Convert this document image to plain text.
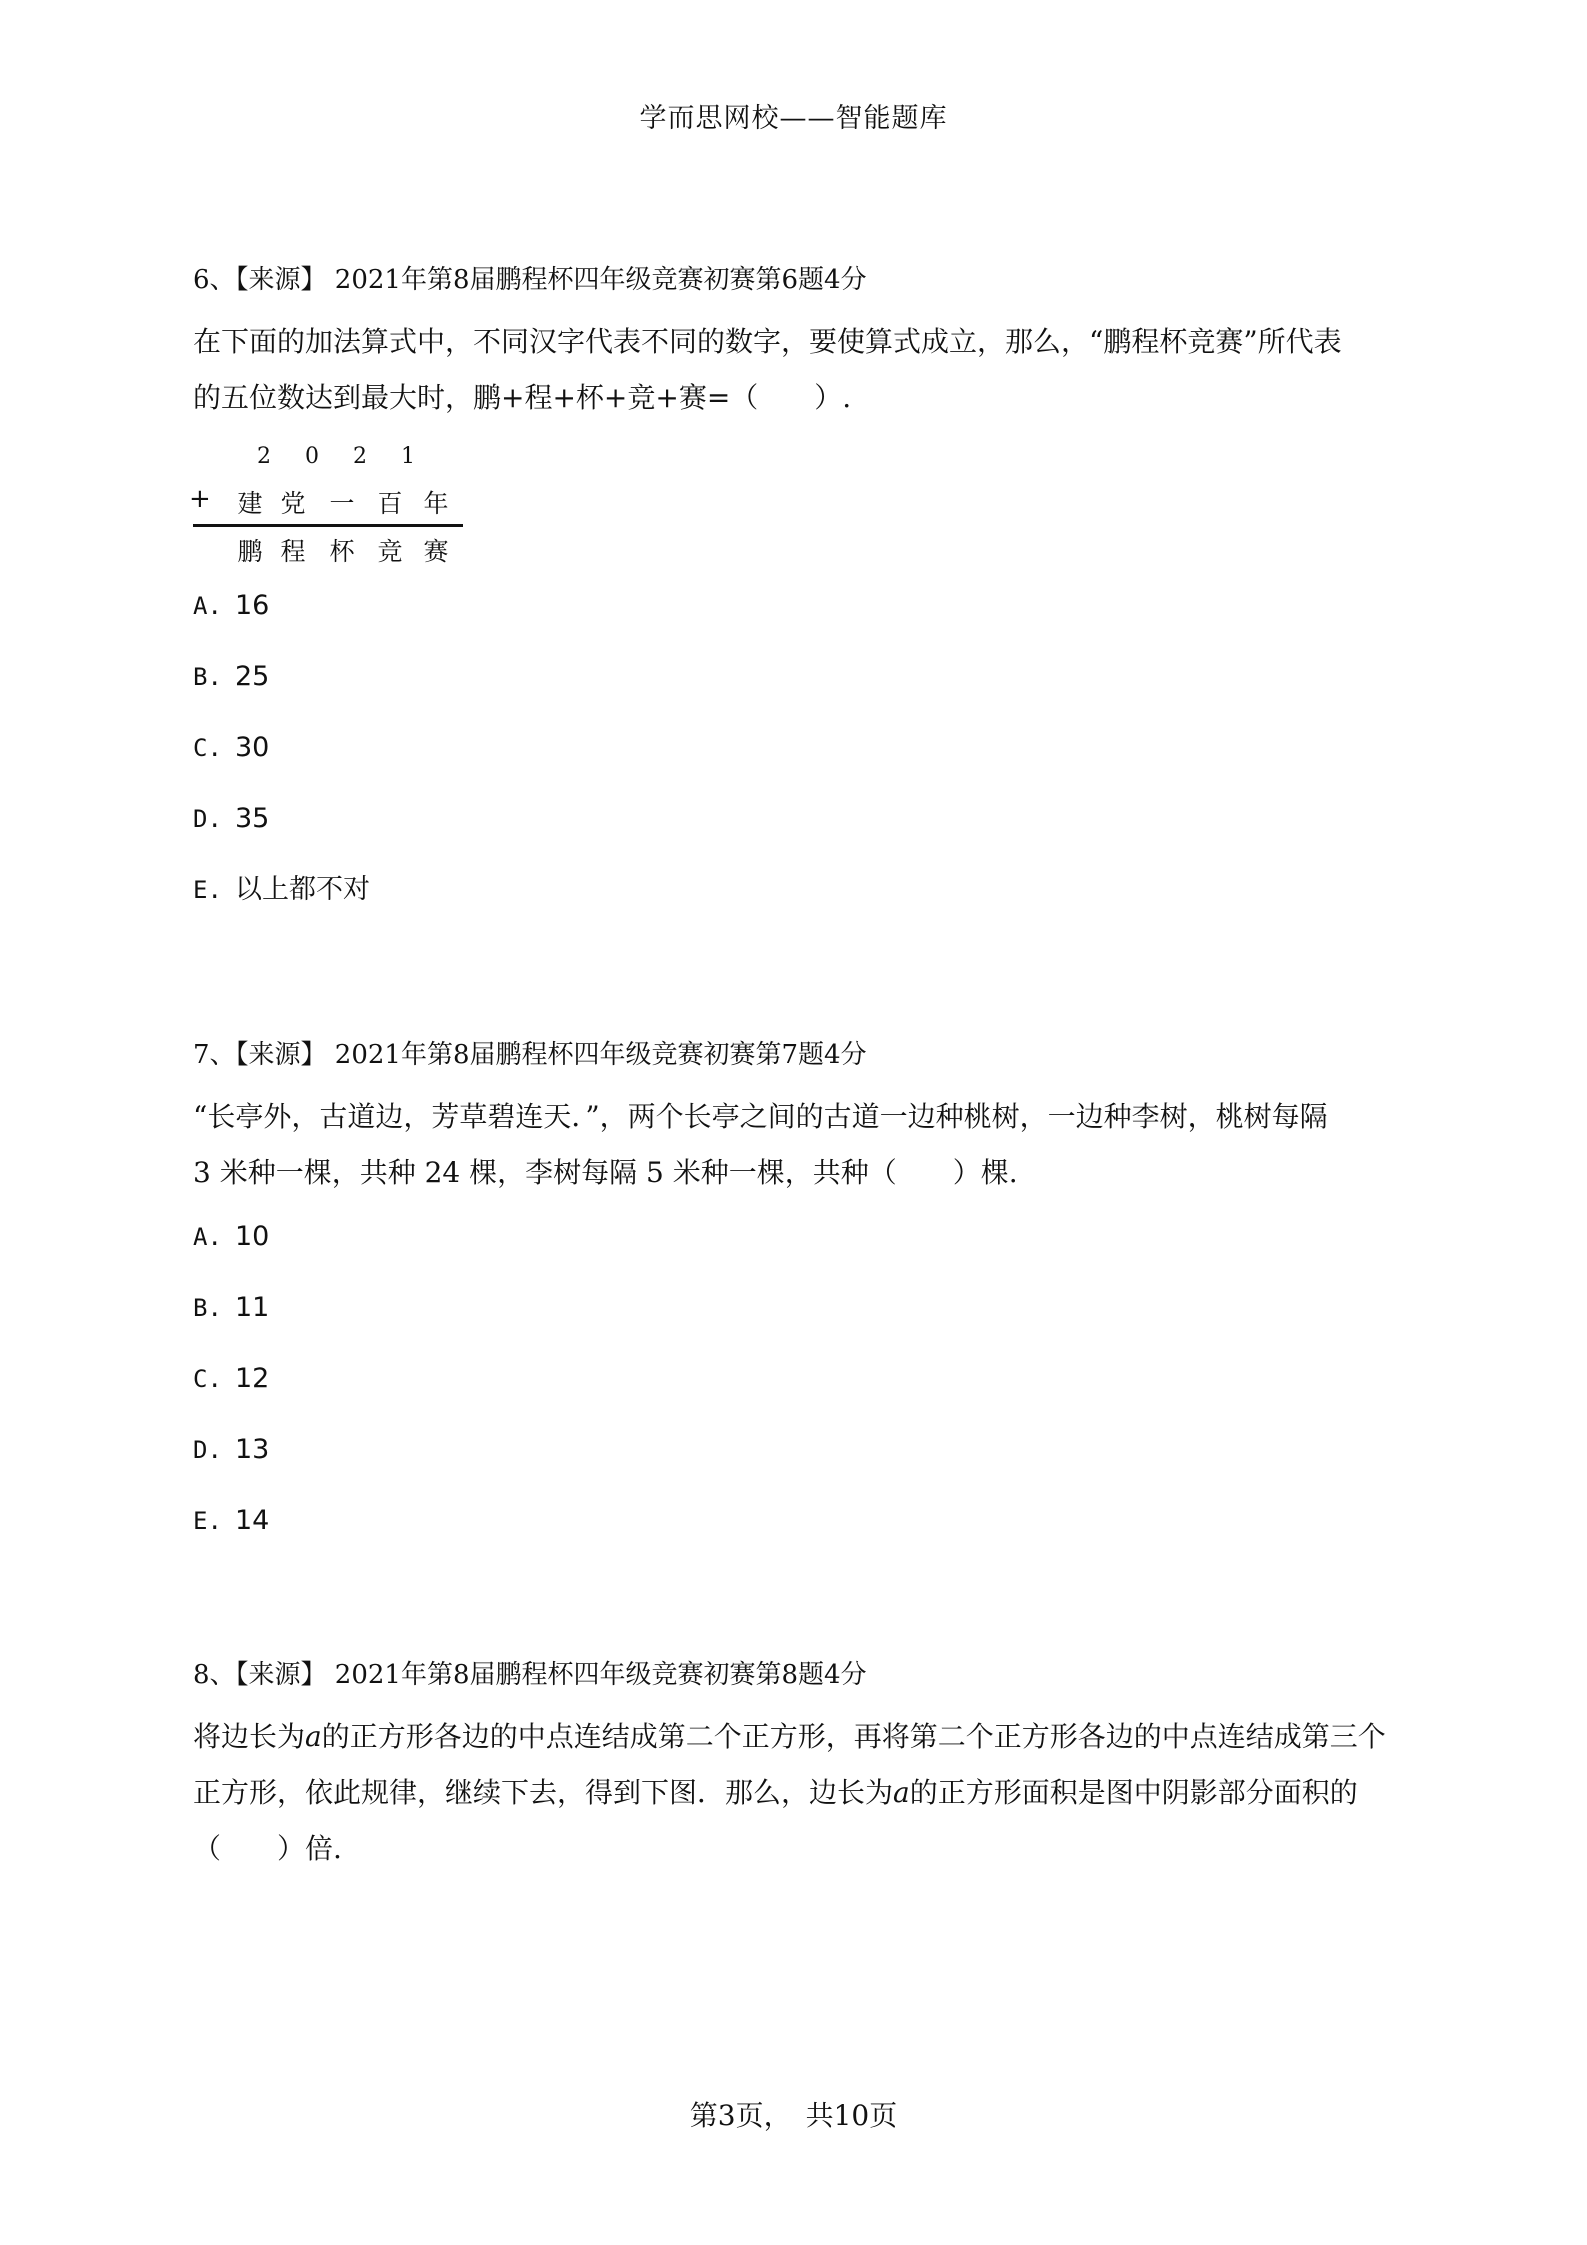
学而思网校——智能题库
6、【来源】 2021年第8届鹏程杯四年级竞赛初赛第6题4分
在下面的加法算式中，不同汉字代表不同的数字，要使算式成立，那么，“鹏程杯竞赛”所代表
的五位数达到最大时，鹏+程+杯+竞+赛=（　　）.
2	0	2	1
+	建 党 一 百 年
鹏 程 杯 竞 赛
A. 16
B. 25
C. 30
D. 35
E. 以上都不对
7、【来源】 2021年第8届鹏程杯四年级竞赛初赛第7题4分
“长亭外，古道边，芳草碧连天．”，两个长亭之间的古道一边种桃树，一边种李树，桃树每隔
3 米种一棵，共种 24 棵，李树每隔 5 米种一棵，共种（　　）棵.
A. 10
B. 11
C. 12
D. 13
E. 14
8、【来源】 2021年第8届鹏程杯四年级竞赛初赛第8题4分
将边长为a的正方形各边的中点连结成第二个正方形，再将第二个正方形各边的中点连结成第三个
正方形，依此规律，继续下去，得到下图．那么，边长为a的正方形面积是图中阴影部分面积的
（　　）倍.
第3页，　共10页
